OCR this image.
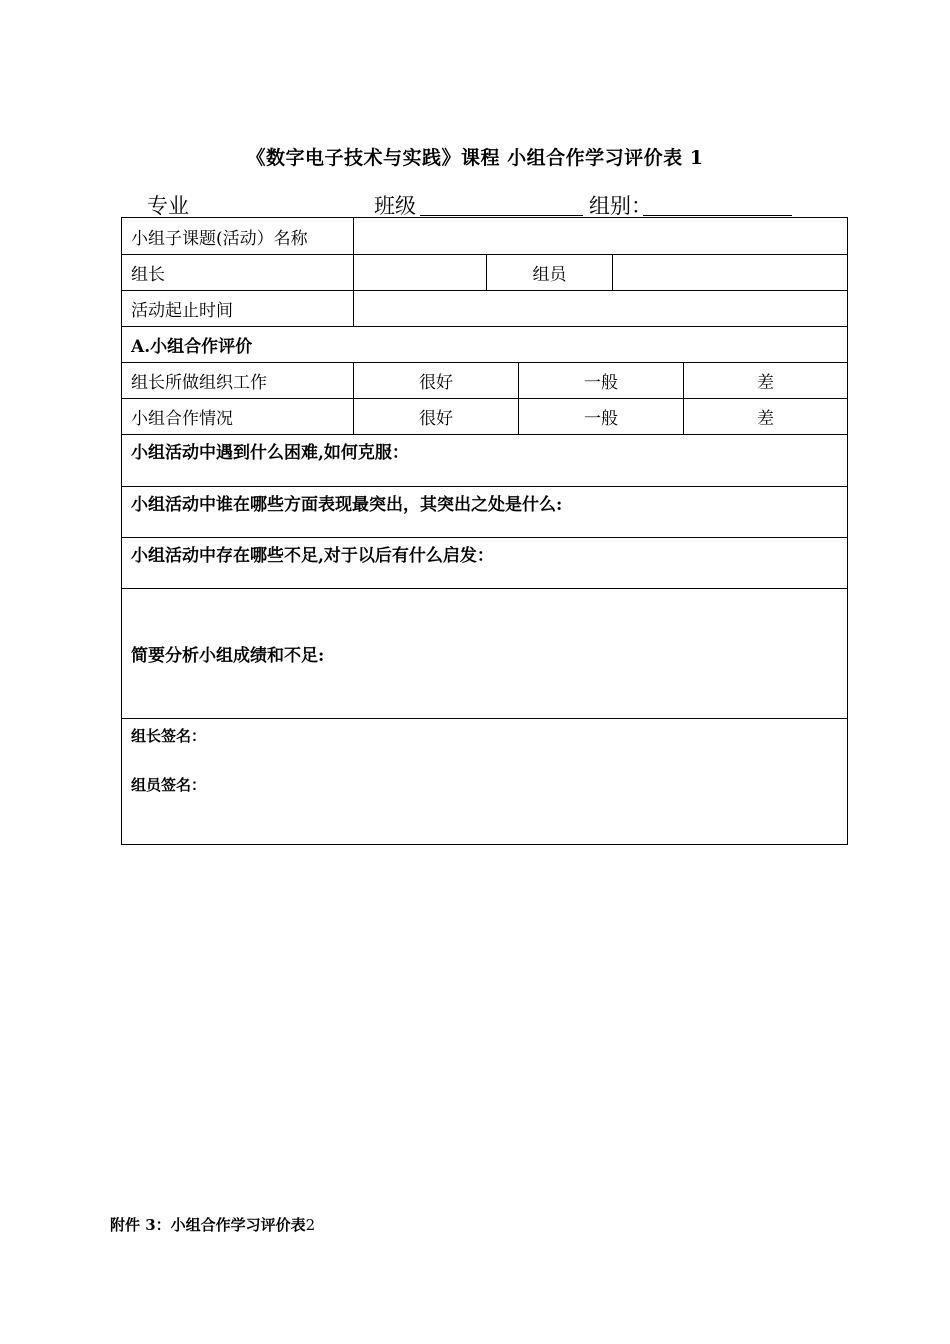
《数字电子技术与实践》课程 小组合作学习评价表 1
专业	班级	组别：
小组子课题(活动）名称					
组长		组员			
活动起止时间					
A.小组合作评价					
组长所做组织工作	很好		一般		差
小组合作情况	很好		一般		差
小组活动中遇到什么困难,如何克服：					
小组活动中谁在哪些方面表现最突出，其突出之处是什么:					
小组活动中存在哪些不足,对于以后有什么启发：					
简要分析小组成绩和不足:					

组长签名：
组员签名：					
附件 3：小组合作学习评价表2
